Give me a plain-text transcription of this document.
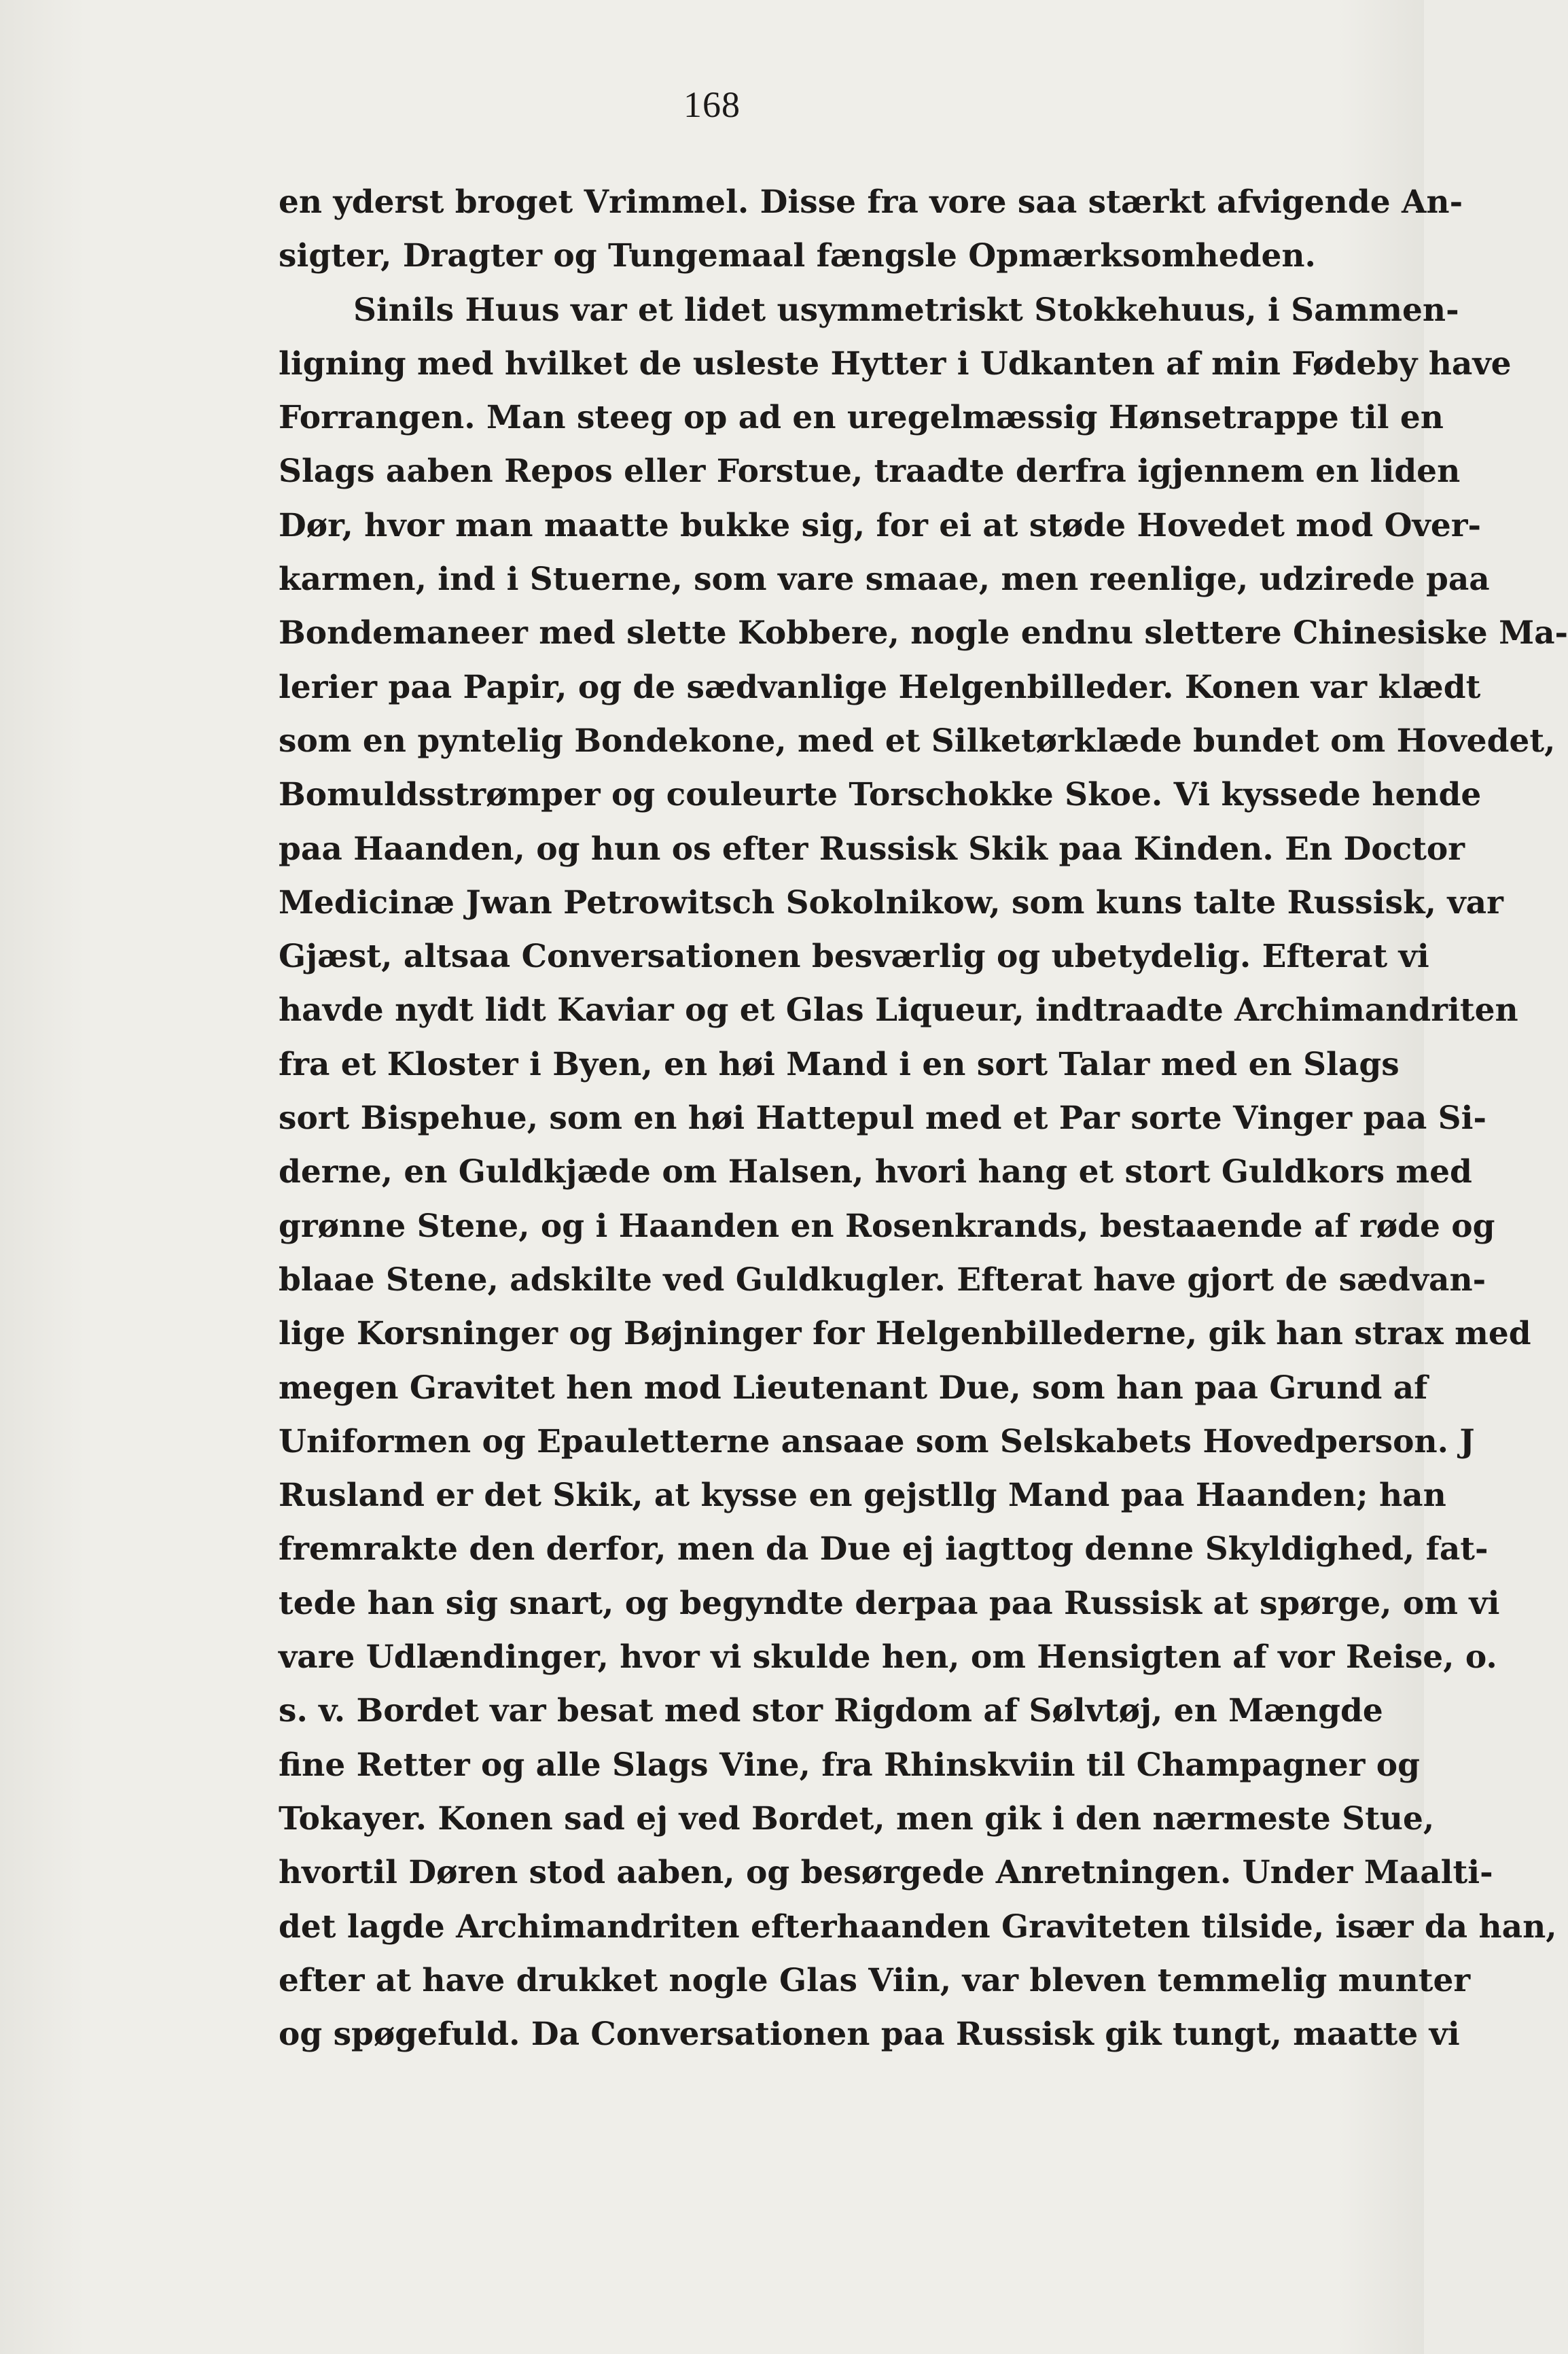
168
en yderst broget Vrimmel. Disse fra vore saa stærkt afvigende An-
sigter, Dragter og Tungemaal fængsle Opmærksomheden.
Sinils Huus var et lidet usymmetriskt Stokkehuus, i Sammen-
ligning med hvilket de usleste Hytter i Udkanten af min Fødeby have
Forrangen. Man steeg op ad en uregelmæssig Hønsetrappe til en
Slags aaben Repos eller Forstue, traadte derfra igjennem en liden
Dør, hvor man maatte bukke sig, for ei at støde Hovedet mod Over-
karmen, ind i Stuerne, som vare smaae, men reenlige, udzirede paa
Bondemaneer med slette Kobbere, nogle endnu slettere Chinesiske Ma-
lerier paa Papir, og de sædvanlige Helgenbilleder. Konen var klædt
som en pyntelig Bondekone, med et Silketørklæde bundet om Hovedet,
Bomuldsstrømper og couleurte Torschokke Skoe. Vi kyssede hende
paa Haanden, og hun os efter Russisk Skik paa Kinden. En Doctor
Medicinæ Jwan Petrowitsch Sokolnikow, som kuns talte Russisk, var
Gjæst, altsaa Conversationen besværlig og ubetydelig. Efterat vi
havde nydt lidt Kaviar og et Glas Liqueur, indtraadte Archimandriten
fra et Kloster i Byen, en høi Mand i en sort Talar med en Slags
sort Bispehue, som en høi Hattepul med et Par sorte Vinger paa Si-
derne, en Guldkjæde om Halsen, hvori hang et stort Guldkors med
grønne Stene, og i Haanden en Rosenkrands, bestaaende af røde og
blaae Stene, adskilte ved Guldkugler. Efterat have gjort de sædvan-
lige Korsninger og Bøjninger for Helgenbillederne, gik han strax med
megen Gravitet hen mod Lieutenant Due, som han paa Grund af
Uniformen og Epauletterne ansaae som Selskabets Hovedperson. J
Rusland er det Skik, at kysse en gejstllg Mand paa Haanden; han
fremrakte den derfor, men da Due ej iagttog denne Skyldighed, fat-
tede han sig snart, og begyndte derpaa paa Russisk at spørge, om vi
vare Udlændinger, hvor vi skulde hen, om Hensigten af vor Reise, o.
s. v. Bordet var besat med stor Rigdom af Sølvtøj, en Mængde
fine Retter og alle Slags Vine, fra Rhinskviin til Champagner og
Tokayer. Konen sad ej ved Bordet, men gik i den nærmeste Stue,
hvortil Døren stod aaben, og besørgede Anretningen. Under Maalti-
det lagde Archimandriten efterhaanden Graviteten tilside, især da han,
efter at have drukket nogle Glas Viin, var bleven temmelig munter
og spøgefuld. Da Conversationen paa Russisk gik tungt, maatte vi
